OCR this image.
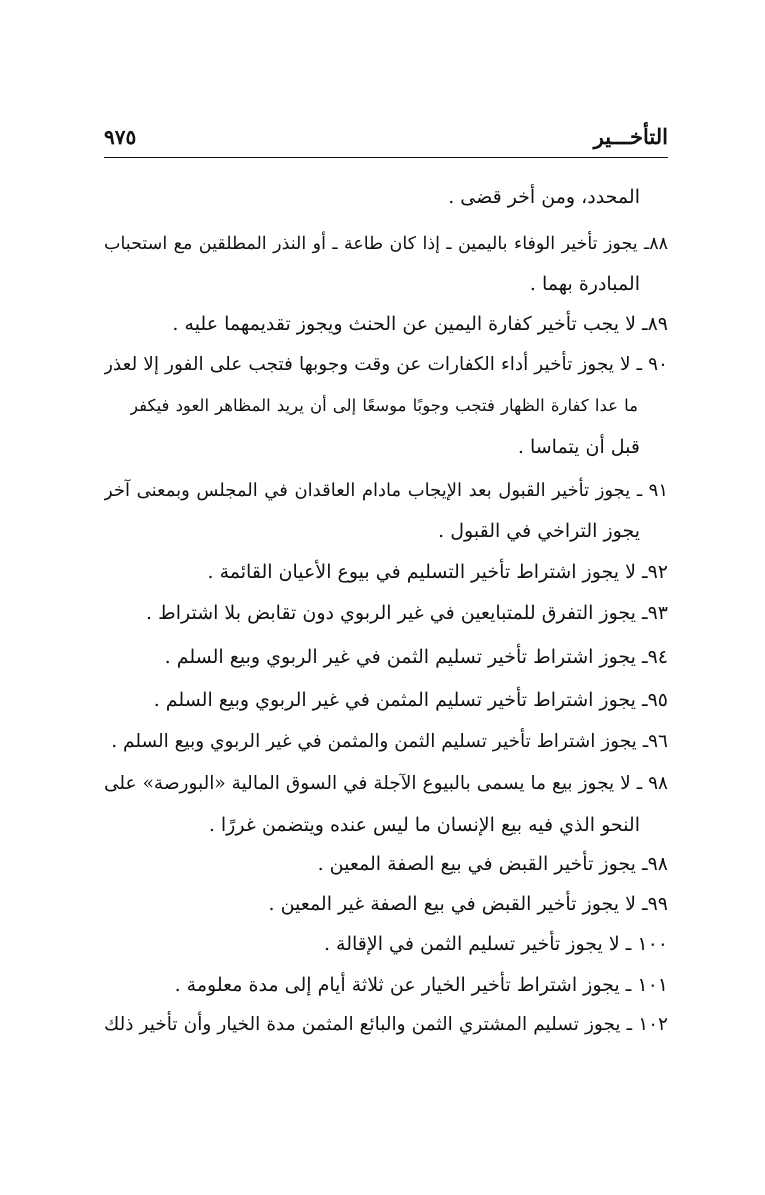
التأخـــير
٩٧٥
المحدد، ومن أخر قضى .
٨٨ـ يجوز تأخير الوفاء باليمين ـ إذا كان طاعة ـ أو النذر المطلقين مع استحباب
المبادرة بهما .
٨٩ـ لا يجب تأخير كفارة اليمين عن الحنث ويجوز تقديمهما عليه .
٩٠ ـ لا يجوز تأخير أداء الكفارات عن وقت وجوبها فتجب على الفور إلا لعذر
ما عدا كفارة الظهار فتجب وجوبًا موسعًا إلى أن يريد المظاهر العود فيكفر
قبل أن يتماسا .
٩١ ـ يجوز تأخير القبول بعد الإيجاب مادام العاقدان في المجلس وبمعنى آخر
يجوز التراخي في القبول .
٩٢ـ لا يجوز اشتراط تأخير التسليم في بيوع الأعيان القائمة .
٩٣ـ يجوز التفرق للمتبايعين في غير الربوي دون تقابض بلا اشتراط .
٩٤ـ يجوز اشتراط تأخير تسليم الثمن في غير الربوي وبيع السلم .
٩٥ـ يجوز اشتراط تأخير تسليم المثمن في غير الربوي وبيع السلم .
٩٦ـ يجوز اشتراط تأخير تسليم الثمن والمثمن في غير الربوي وبيع السلم .
٩٨ ـ لا يجوز بيع ما يسمى بالبيوع الآجلة في السوق المالية «البورصة» على
النحو الذي فيه بيع الإنسان ما ليس عنده ويتضمن غررًا .
٩٨ـ يجوز تأخير القبض في بيع الصفة المعين .
٩٩ـ لا يجوز تأخير القبض في بيع الصفة غير المعين .
١٠٠ ـ لا يجوز تأخير تسليم الثمن في الإقالة .
١٠١ ـ يجوز اشتراط تأخير الخيار عن ثلاثة أيام إلى مدة معلومة .
١٠٢ ـ يجوز تسليم المشتري الثمن والبائع المثمن مدة الخيار وأن تأخير ذلك
